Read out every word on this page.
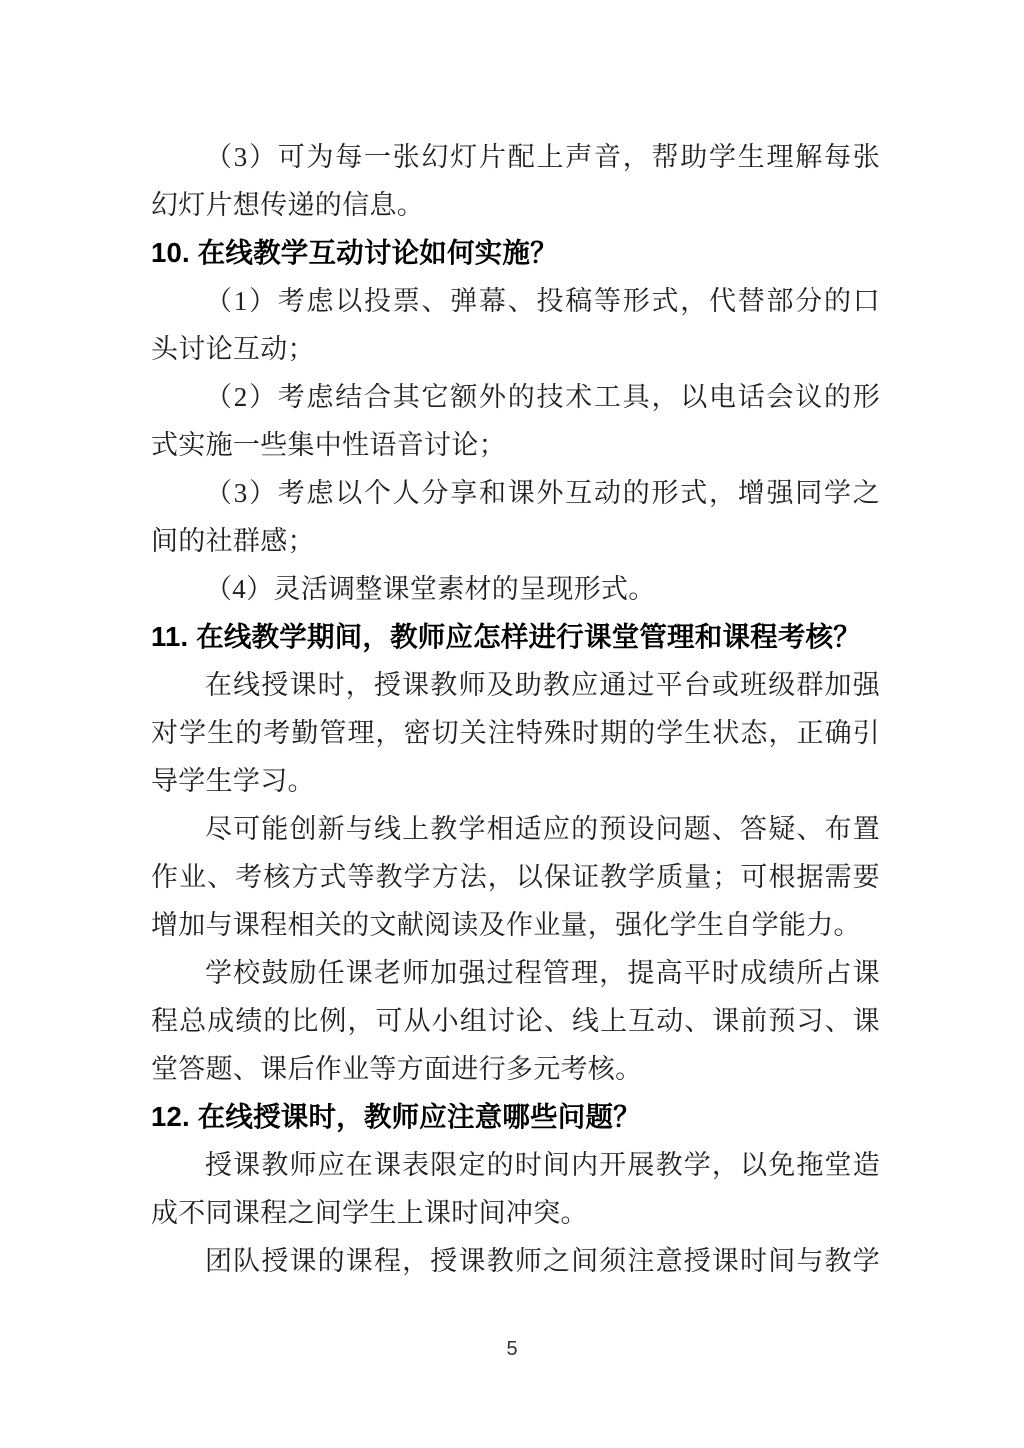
（3）可为每一张幻灯片配上声音，帮助学生理解每张
幻灯片想传递的信息。
10. 在线教学互动讨论如何实施？
（1）考虑以投票、弹幕、投稿等形式，代替部分的口
头讨论互动；
（2）考虑结合其它额外的技术工具，以电话会议的形
式实施一些集中性语音讨论；
（3）考虑以个人分享和课外互动的形式，增强同学之
间的社群感；
（4）灵活调整课堂素材的呈现形式。
11. 在线教学期间，教师应怎样进行课堂管理和课程考核？
在线授课时，授课教师及助教应通过平台或班级群加强
对学生的考勤管理，密切关注特殊时期的学生状态，正确引
导学生学习。
尽可能创新与线上教学相适应的预设问题、答疑、布置
作业、考核方式等教学方法，以保证教学质量；可根据需要
增加与课程相关的文献阅读及作业量，强化学生自学能力。
学校鼓励任课老师加强过程管理，提高平时成绩所占课
程总成绩的比例，可从小组讨论、线上互动、课前预习、课
堂答题、课后作业等方面进行多元考核。
12. 在线授课时，教师应注意哪些问题？
授课教师应在课表限定的时间内开展教学，以免拖堂造
成不同课程之间学生上课时间冲突。
团队授课的课程，授课教师之间须注意授课时间与教学
5
